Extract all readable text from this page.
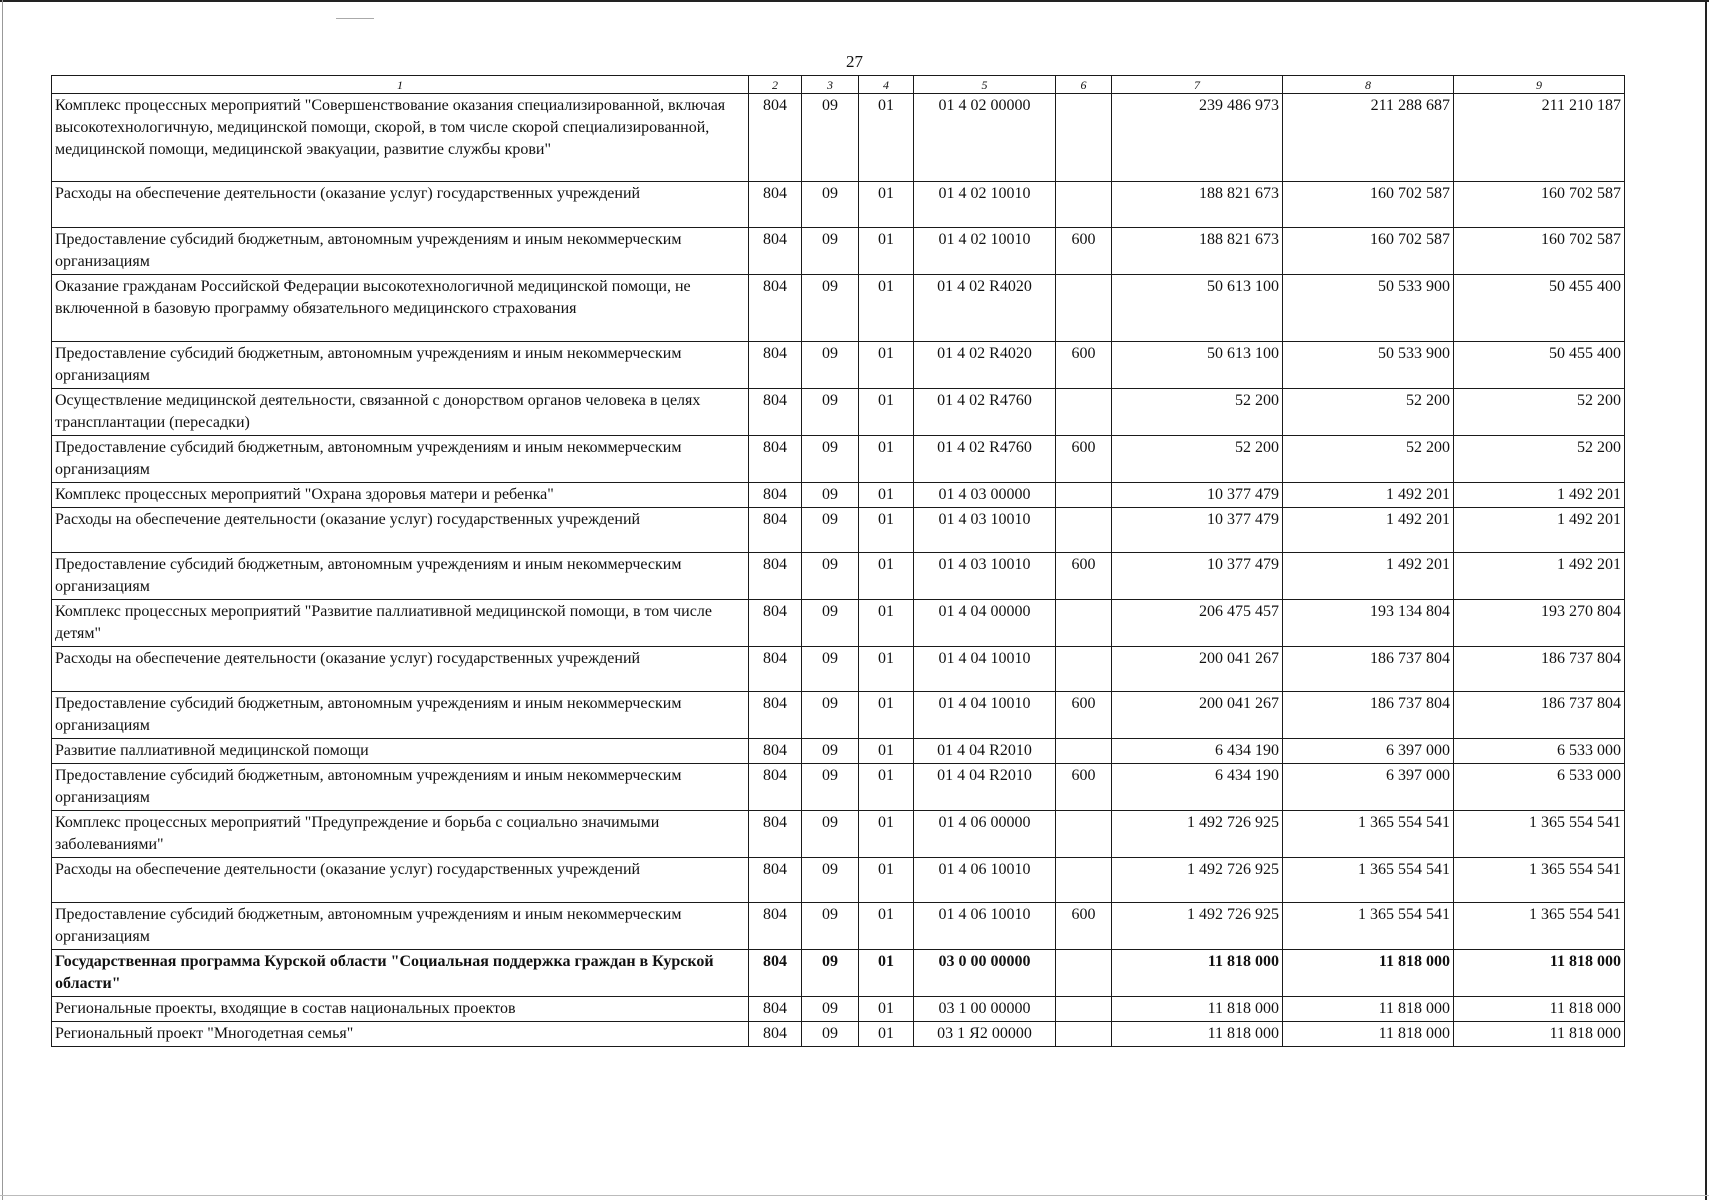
27
1	2	3	4	5	6	7	8	9
Комплекс процессных мероприятий "Совершенствование оказания специализированной, включая высокотехнологичную, медицинской помощи, скорой, в том числе скорой специализированной, медицинской помощи, медицинской эвакуации, развитие службы крови"	804	09	01	01 4 02 00000		239 486 973	211 288 687	211 210 187
Расходы на обеспечение деятельности (оказание услуг) государственных учреждений	804	09	01	01 4 02 10010		188 821 673	160 702 587	160 702 587
Предоставление субсидий бюджетным, автономным учреждениям и иным некоммерческим организациям	804	09	01	01 4 02 10010	600	188 821 673	160 702 587	160 702 587
Оказание гражданам Российской Федерации высокотехнологичной медицинской помощи, не включенной в базовую программу обязательного медицинского страхования	804	09	01	01 4 02 R4020		50 613 100	50 533 900	50 455 400
Предоставление субсидий бюджетным, автономным учреждениям и иным некоммерческим организациям	804	09	01	01 4 02 R4020	600	50 613 100	50 533 900	50 455 400
Осуществление медицинской деятельности, связанной с донорством органов человека в целях трансплантации (пересадки)	804	09	01	01 4 02 R4760		52 200	52 200	52 200
Предоставление субсидий бюджетным, автономным учреждениям и иным некоммерческим организациям	804	09	01	01 4 02 R4760	600	52 200	52 200	52 200
Комплекс процессных мероприятий "Охрана здоровья матери и ребенка"	804	09	01	01 4 03 00000		10 377 479	1 492 201	1 492 201
Расходы на обеспечение деятельности (оказание услуг) государственных учреждений	804	09	01	01 4 03 10010		10 377 479	1 492 201	1 492 201
Предоставление субсидий бюджетным, автономным учреждениям и иным некоммерческим организациям	804	09	01	01 4 03 10010	600	10 377 479	1 492 201	1 492 201
Комплекс процессных мероприятий "Развитие паллиативной медицинской помощи, в том числе детям"	804	09	01	01 4 04 00000		206 475 457	193 134 804	193 270 804
Расходы на обеспечение деятельности (оказание услуг) государственных учреждений	804	09	01	01 4 04 10010		200 041 267	186 737 804	186 737 804
Предоставление субсидий бюджетным, автономным учреждениям и иным некоммерческим организациям	804	09	01	01 4 04 10010	600	200 041 267	186 737 804	186 737 804
Развитие паллиативной медицинской помощи	804	09	01	01 4 04 R2010		6 434 190	6 397 000	6 533 000
Предоставление субсидий бюджетным, автономным учреждениям и иным некоммерческим организациям	804	09	01	01 4 04 R2010	600	6 434 190	6 397 000	6 533 000
Комплекс процессных мероприятий "Предупреждение и борьба с социально значимыми заболеваниями"	804	09	01	01 4 06 00000		1 492 726 925	1 365 554 541	1 365 554 541
Расходы на обеспечение деятельности (оказание услуг) государственных учреждений	804	09	01	01 4 06 10010		1 492 726 925	1 365 554 541	1 365 554 541
Предоставление субсидий бюджетным, автономным учреждениям и иным некоммерческим организациям	804	09	01	01 4 06 10010	600	1 492 726 925	1 365 554 541	1 365 554 541
Государственная программа Курской области "Социальная поддержка граждан в Курской области"	804	09	01	03 0 00 00000		11 818 000	11 818 000	11 818 000
Региональные проекты, входящие в состав национальных проектов	804	09	01	03 1 00 00000		11 818 000	11 818 000	11 818 000
Региональный проект "Многодетная семья"	804	09	01	03 1 Я2 00000		11 818 000	11 818 000	11 818 000
